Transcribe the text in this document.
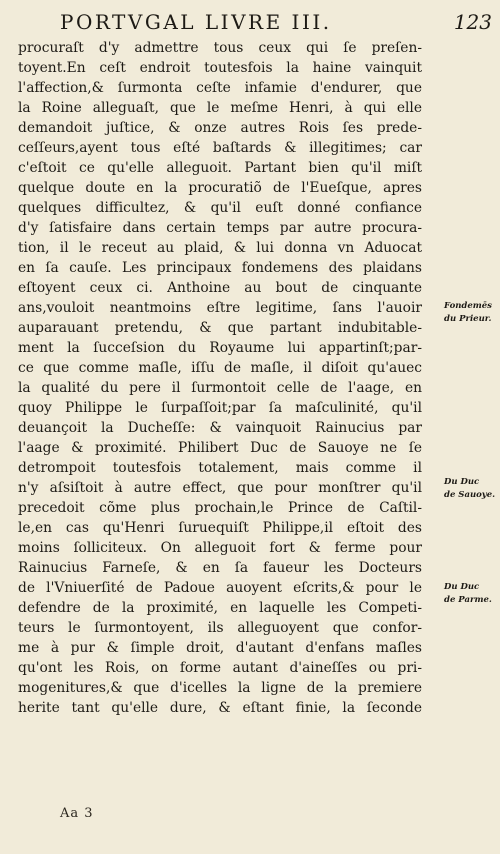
PORTVGAL LIVRE III.	123
Fondemēs
du Prieur.
Du Duc
de Sauoye.
Du Duc
de Parme.
procuraſt d'y admettre tous ceux qui ſe preſen-
toyent.En ceſt endroit toutesfois la haine vainquit
l'affection,& ſurmonta ceſte infamie d'endurer, que
la Roine alleguaſt, que le meſme Henri, à qui elle
demandoit juſtice, & onze autres Rois ſes prede-
ceſſeurs,ayent tous eſté baſtards & illegitimes; car
c'eſtoit ce qu'elle alleguoit. Partant bien qu'il miſt
quelque doute en la procuratiõ de l'Eueſque, apres
quelques difficultez, & qu'il euſt donné confiance
d'y ſatisfaire dans certain temps par autre procura-
tion, il le receut au plaid, & lui donna vn Aduocat
en ſa cauſe. Les principaux fondemens des plaidans
eſtoyent ceux ci. Anthoine au bout de cinquante
ans,vouloit neantmoins eſtre legitime, ſans l'auoir
auparauant pretendu, & que partant indubitable-
ment la ſucceſsion du Royaume lui appartinſt;par-
ce que comme maſle, iſſu de maſle, il diſoit qu'auec
la qualité du pere il ſurmontoit celle de l'aage, en
quoy Philippe le ſurpaſſoit;par ſa maſculinité, qu'il
deuançoit la Ducheſſe: & vainquoit Rainucius par
l'aage & proximité. Philibert Duc de Sauoye ne ſe
detrompoit toutesfois totalement, mais comme il
n'y aſsiſtoit à autre effect, que pour monſtrer qu'il
precedoit cõme plus prochain,le Prince de Caſtil-
le,en cas qu'Henri ſuruequiſt Philippe,il eſtoit des
moins ſolliciteux. On alleguoit fort & ferme pour
Rainucius Farneſe, & en ſa faueur les Docteurs
de l'Vniuerſité de Padoue auoyent eſcrits,& pour le
defendre de la proximité, en laquelle les Competi-
teurs le ſurmontoyent, ils alleguoyent que confor-
me à pur & ſimple droit, d'autant d'enfans maſles
qu'ont les Rois, on forme autant d'aineſſes ou pri-
mogenitures,& que d'icelles la ligne de la premiere
herite tant qu'elle dure, & eſtant finie, la ſeconde
Aa 3
